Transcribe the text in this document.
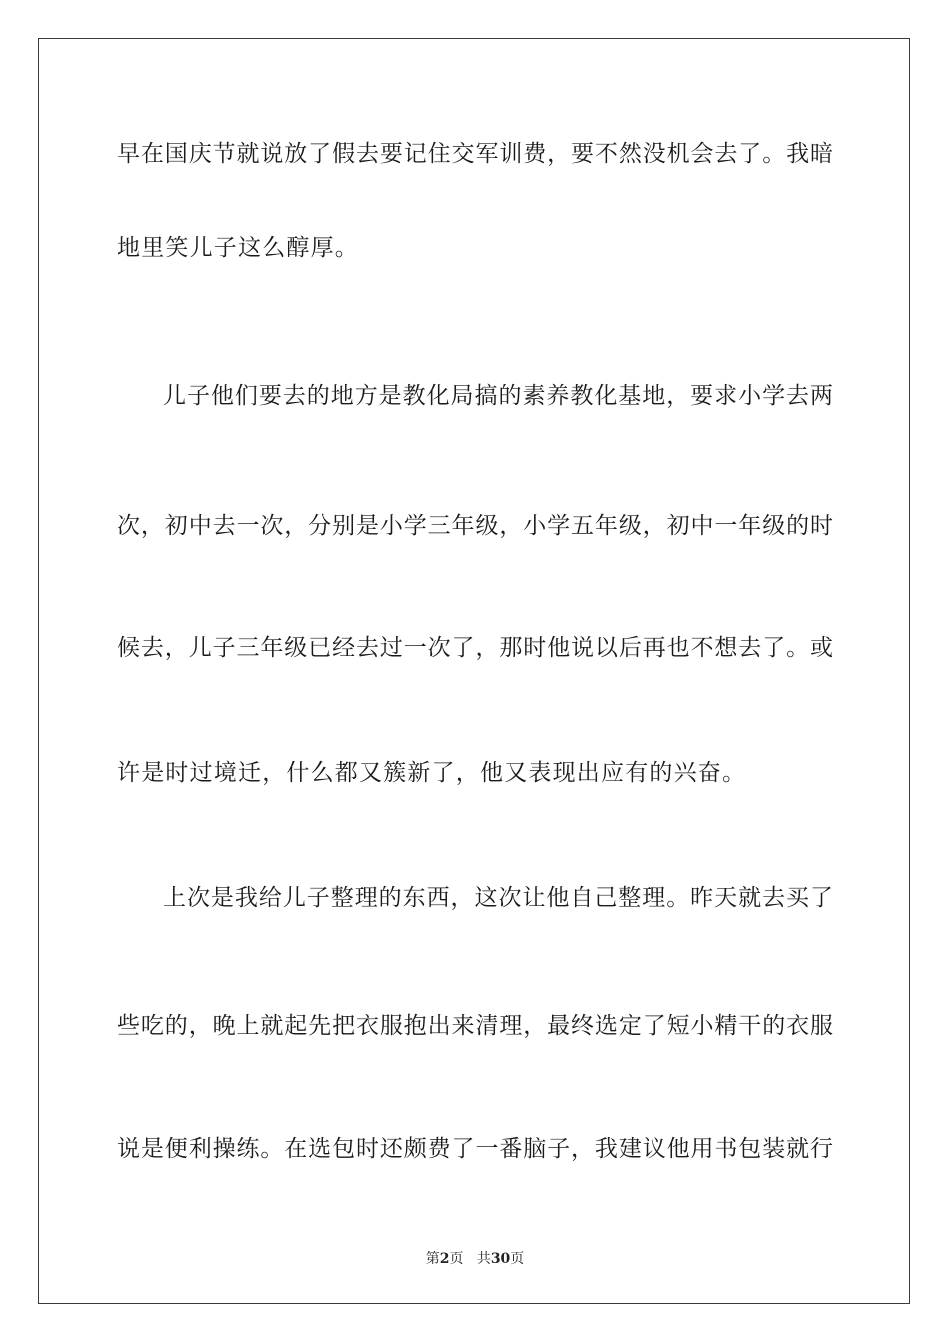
早在国庆节就说放了假去要记住交军训费，要不然没机会去了。我暗
地里笑儿子这么醇厚。
儿子他们要去的地方是教化局搞的素养教化基地，要求小学去两
次，初中去一次，分别是小学三年级，小学五年级，初中一年级的时
候去，儿子三年级已经去过一次了，那时他说以后再也不想去了。或
许是时过境迁，什么都又簇新了，他又表现出应有的兴奋。
上次是我给儿子整理的东西，这次让他自己整理。昨天就去买了
些吃的，晚上就起先把衣服抱出来清理，最终选定了短小精干的衣服
说是便利操练。在选包时还颇费了一番脑子，我建议他用书包装就行
第2页 共30页
